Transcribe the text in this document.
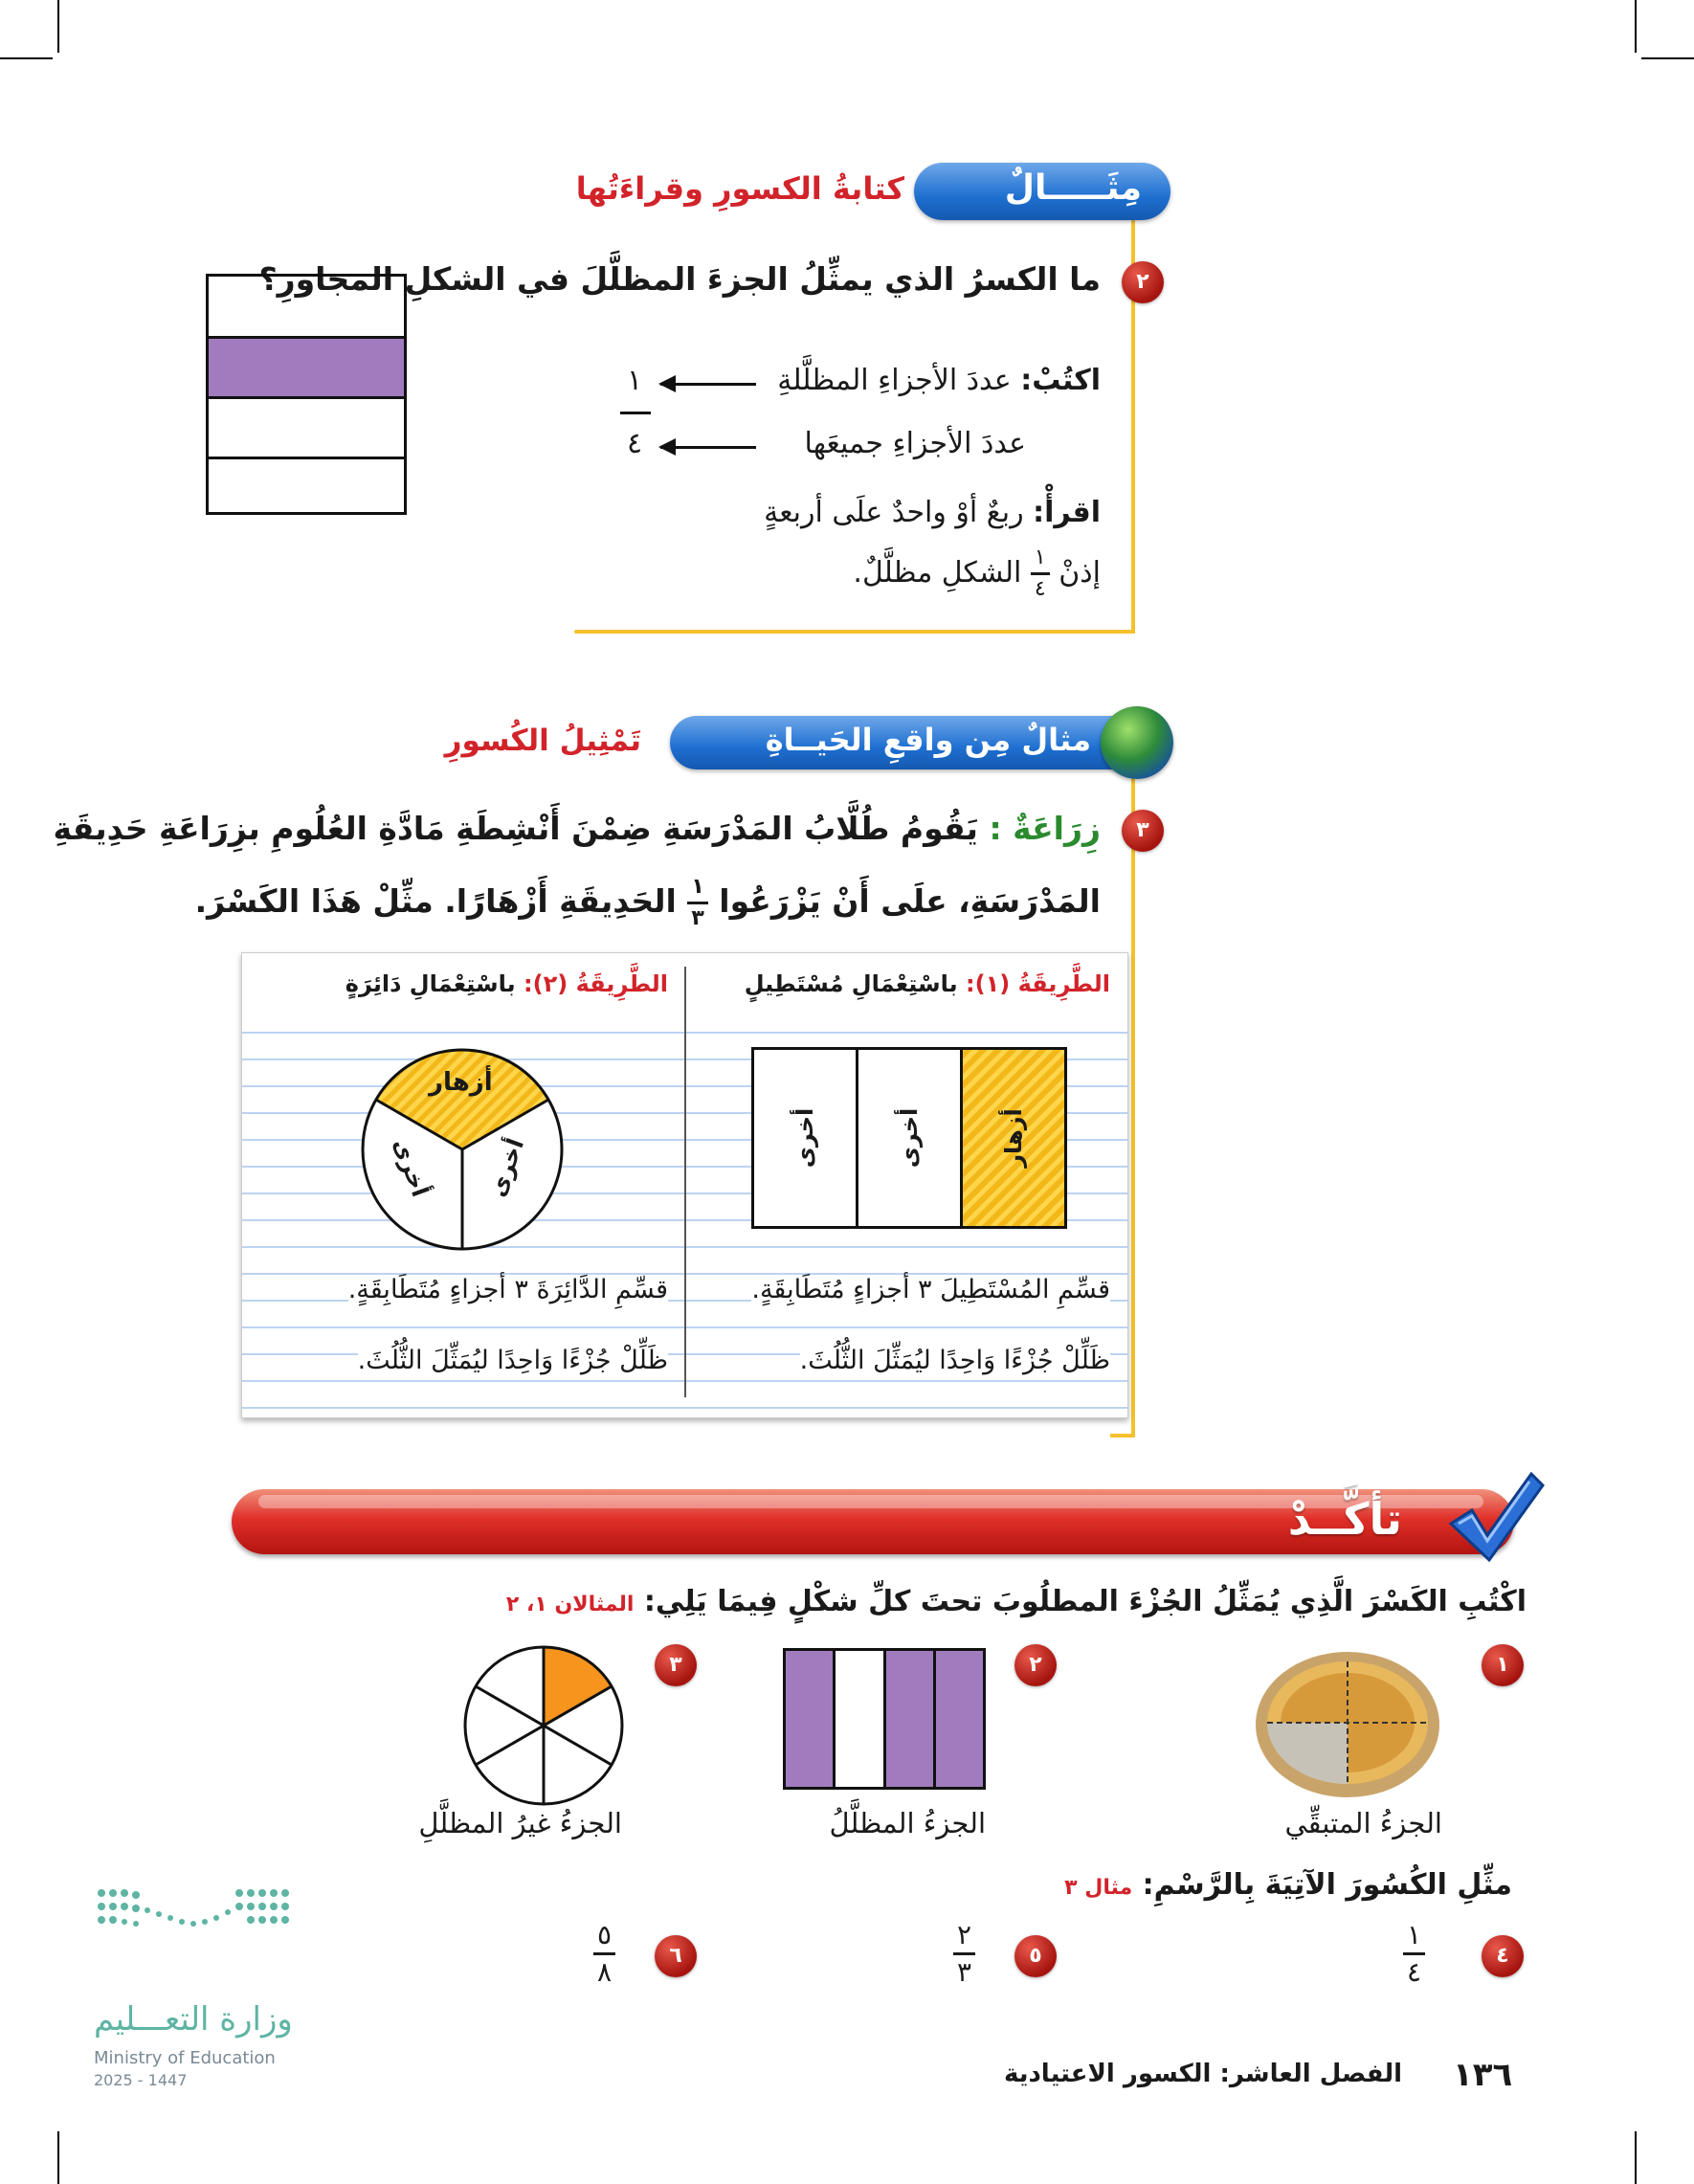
مِثَـــــالٌ
كتابةُ الكسورِ وقراءَتُها
٢
ما الكسرُ الذي يمثِّلُ الجزءَ المظلَّلَ في الشكلِ المجاورِ؟
اكتُبْ: عددَ الأجزاءِ المظلَّلةِ
عددَ الأجزاءِ جميعَها
١
٤
اقرأْ: ربعٌ أوْ واحدٌ علَى أربعةٍ
إذنْ
$\frac{١}{٤}$
الشكلِ مظلَّلٌ.
مثالٌ مِن واقعِ الحَيــاةِ
تَمْثِيلُ الكُسورِ
٣
زِرَاعَةٌ : يَقُومُ طُلَّابُ المَدْرَسَةِ ضِمْنَ أَنْشِطَةِ مَادَّةِ العُلُومِ بزِرَاعَةِ حَدِيقَةِ
المَدْرَسَةِ، علَى أَنْ يَزْرَعُوا
$\frac{١}{٣}$
الحَدِيقَةِ أَزْهَارًا. مثِّلْ هَذَا الكَسْرَ.
الطَّرِيقَةُ (١): باسْتِعْمَالِ مُسْتَطِيلٍ
أخرى	أخرى	أزهار
قسِّمِ المُسْتَطِيلَ ٣ أجزاءٍ مُتَطَابِقَةٍ.
ظَلِّلْ جُزْءًا وَاحِدًا ليُمَثِّلَ الثُّلُثَ.
الطَّرِيقَةُ (٢): باسْتِعْمَالِ دَائِرَةٍ
أزهار
أخرى أخرى
قسِّمِ الدَّائِرَةَ ٣ أجزاءٍ مُتَطَابِقَةٍ.
ظَلِّلْ جُزْءًا وَاحِدًا ليُمَثِّلَ الثُّلُثَ.
تأكَّــدْ
اكْتُبِ الكَسْرَ الَّذِي يُمَثِّلُ الجُزْءَ المطلُوبَ تحتَ كلِّ شكْلٍ فِيمَا يَلِي: المثالان ١، ٢
١
الجزءُ المتبقِّي
٢
الجزءُ المظلَّلُ
٣
الجزءُ غيرُ المظلَّلِ
مثِّلِ الكُسُورَ الآتِيَةَ بِالرَّسْمِ: مثال ٣
٤
١
٤
٥
٢
٣
٦
٥
٨
١٣٦
الفصل العاشر: الكسور الاعتيادية
وزارة التعـــليم
Ministry of Education
2025 - 1447
